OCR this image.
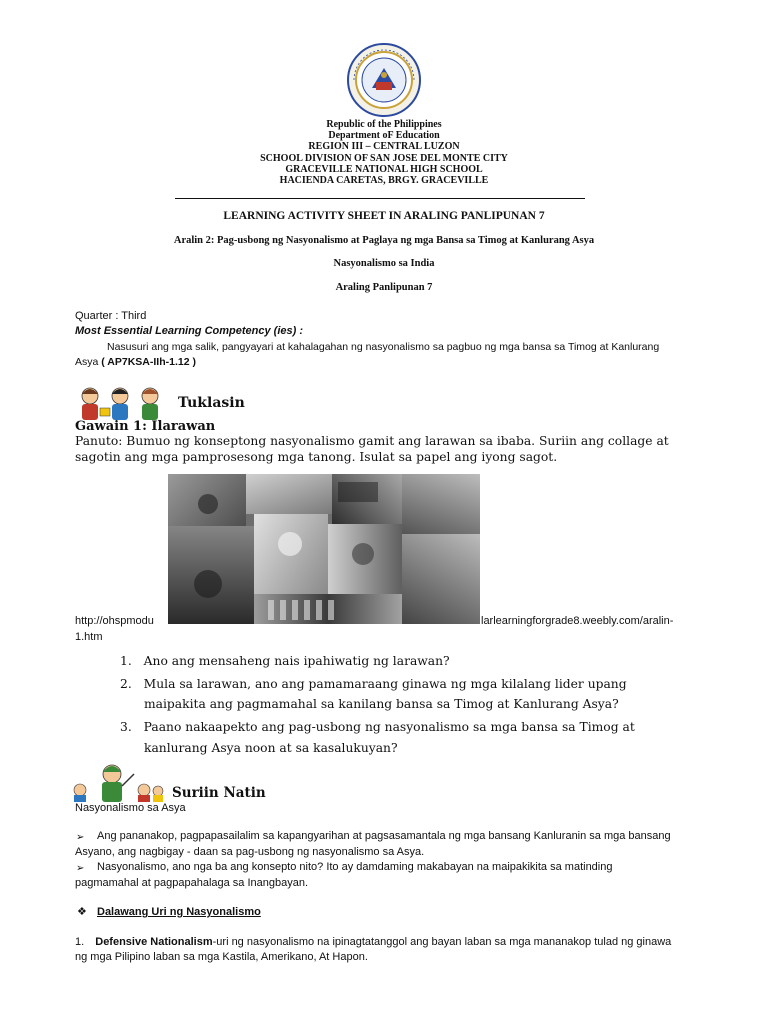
Republic of the Philippines
Department oF Education
REGION III – CENTRAL LUZON
SCHOOL DIVISION OF SAN JOSE DEL MONTE CITY
GRACEVILLE NATIONAL HIGH SCHOOL
HACIENDA CARETAS, BRGY. GRACEVILLE
LEARNING ACTIVITY SHEET IN ARALING PANLIPUNAN 7
Aralin 2: Pag-usbong ng Nasyonalismo at Paglaya ng mga Bansa sa Timog at Kanlurang Asya
Nasyonalismo sa India
Araling Panlipunan 7
Quarter : Third
Most Essential Learning Competency (ies) :
Nasusuri ang mga salik, pangyayari at kahalagahan ng nasyonalismo sa pagbuo ng mga bansa sa Timog at Kanlurang
Asya ( AP7KSA-IIh-1.12 )
Tuklasin
Gawain 1: Ilarawan
Panuto: Bumuo ng konseptong nasyonalismo gamit ang larawan sa ibaba. Suriin ang collage at
sagotin ang mga pamprosesong mga tanong. Isulat sa papel ang iyong sagot.
http://ohspmodu	larlearningforgrade8.weebly.com/aralin-
1.htm
1. Ano ang mensaheng nais ipahiwatig ng larawan?
2. Mula sa larawan, ano ang pamamaraang ginawa ng mga kilalang lider upang
maipakita ang pagmamahal sa kanilang bansa sa Timog at Kanlurang Asya?
3. Paano nakaapekto ang pag-usbong ng nasyonalismo sa mga bansa sa Timog at
kanlurang Asya noon at sa kasalukuyan?
Suriin Natin
Nasyonalismo sa Asya
➢ Ang pananakop, pagpapasailalim sa kapangyarihan at pagsasamantala ng mga bansang Kanluranin sa mga bansang
Asyano, ang nagbigay - daan sa pag-usbong ng nasyonalismo sa Asya.
➢ Nasyonalismo, ano nga ba ang konsepto nito? Ito ay damdaming makabayan na maipakikita sa matinding
pagmamahal at pagpapahalaga sa Inangbayan.
❖ Dalawang Uri ng Nasyonalismo
1. Defensive Nationalism-uri ng nasyonalismo na ipinagtatanggol ang bayan laban sa mga mananakop tulad ng ginawa
ng mga Pilipino laban sa mga Kastila, Amerikano, At Hapon.
